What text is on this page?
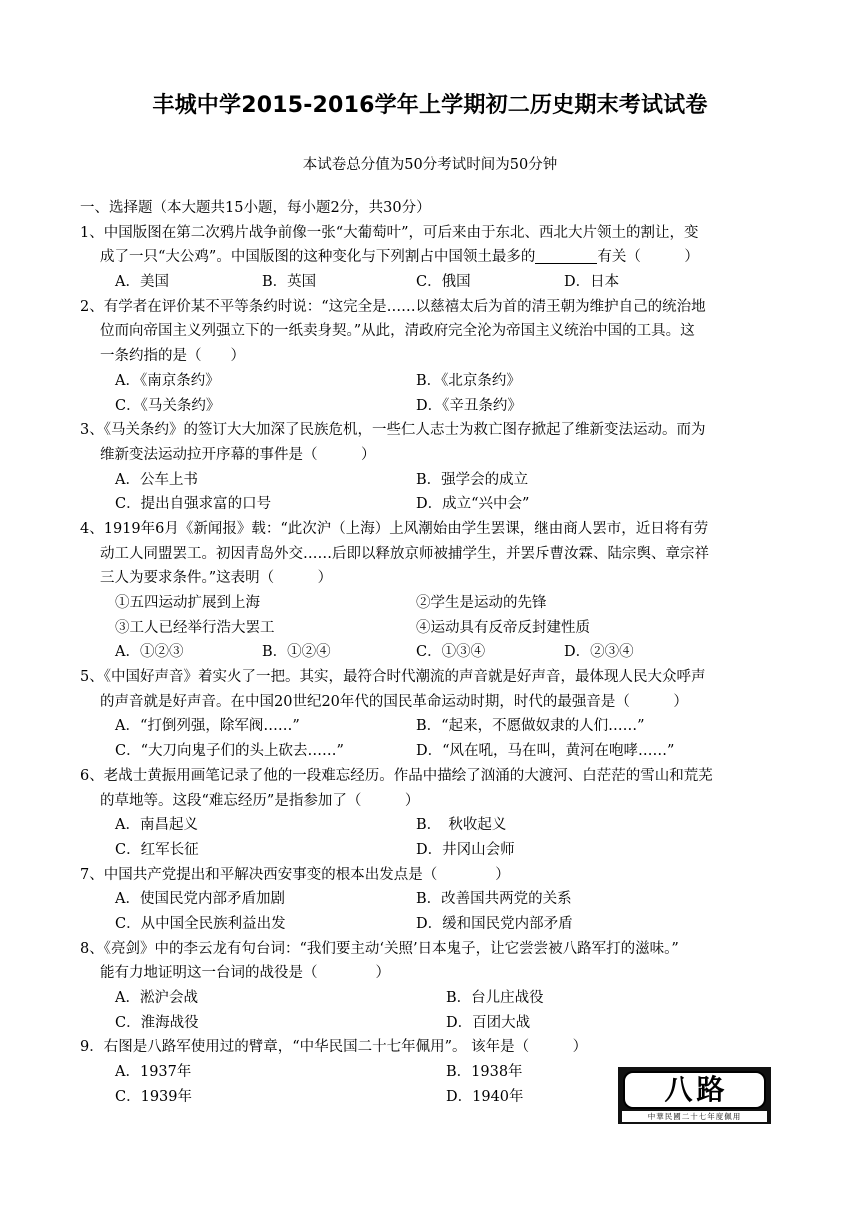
丰城中学2015-2016学年上学期初二历史期末考试试卷
本试卷总分值为50分考试时间为50分钟
一、选择题（本大题共15小题，每小题2分，共30分）
1、中国版图在第二次鸦片战争前像一张“大葡萄叶”，可后来由于东北、西北大片领土的割让，变
成了一只“大公鸡”。中国版图的这种变化与下列割占中国领土最多的	有关（　　　）
A．美国	B．英国	C．俄国	D．日本
2、有学者在评价某不平等条约时说：“这完全是……以慈禧太后为首的清王朝为维护自己的统治地
位而向帝国主义列强立下的一纸卖身契。”从此，清政府完全沦为帝国主义统治中国的工具。这
一条约指的是（　　）
A．《南京条约》	B．《北京条约》
C．《马关条约》	D．《辛丑条约》
3、《马关条约》的签订大大加深了民族危机，一些仁人志士为救亡图存掀起了维新变法运动。而为
维新变法运动拉开序幕的事件是（　　　）
A．公车上书	B．强学会的成立
C．提出自强求富的口号	D．成立“兴中会”
4、1919年6月《新闻报》载：“此次沪（上海）上风潮始由学生罢课，继由商人罢市，近日将有劳
动工人同盟罢工。初因青岛外交……后即以释放京师被捕学生，并罢斥曹汝霖、陆宗舆、章宗祥
三人为要求条件。”这表明（　　　）
①五四运动扩展到上海	②学生是运动的先锋
③工人已经举行浩大罢工	④运动具有反帝反封建性质
A．①②③	B．①②④	C．①③④	D．②③④
5、《中国好声音》着实火了一把。其实，最符合时代潮流的声音就是好声音，最体现人民大众呼声
的声音就是好声音。在中国20世纪20年代的国民革命运动时期，时代的最强音是（　　　）
A．“打倒列强，除军阀……”	B．“起来，不愿做奴隶的人们……”
C．“大刀向鬼子们的头上砍去……”	D．“风在吼，马在叫，黄河在咆哮……”
6、老战士黄振用画笔记录了他的一段难忘经历。作品中描绘了汹涌的大渡河、白茫茫的雪山和荒芜
的草地等。这段“难忘经历”是指参加了（　　　）
A．南昌起义	B．　秋收起义
C．红军长征	D．井冈山会师
7、中国共产党提出和平解决西安事变的根本出发点是（　　　　）
A．使国民党内部矛盾加剧	B．改善国共两党的关系
C．从中国全民族利益出发	D．缓和国民党内部矛盾
8、《亮剑》中的李云龙有句台词：“我们要主动‘关照’日本鬼子，让它尝尝被八路军打的滋味。”
能有力地证明这一台词的战役是（　　　　）
A．淞沪会战	B．台儿庄战役
C．淮海战役	D．百团大战
9．右图是八路军使用过的臂章，“中华民国二十七年佩用”。 该年是（　　　）
A．1937年	B．1938年
C．1939年	D．1940年	八路
中華民國二十七年度佩用
